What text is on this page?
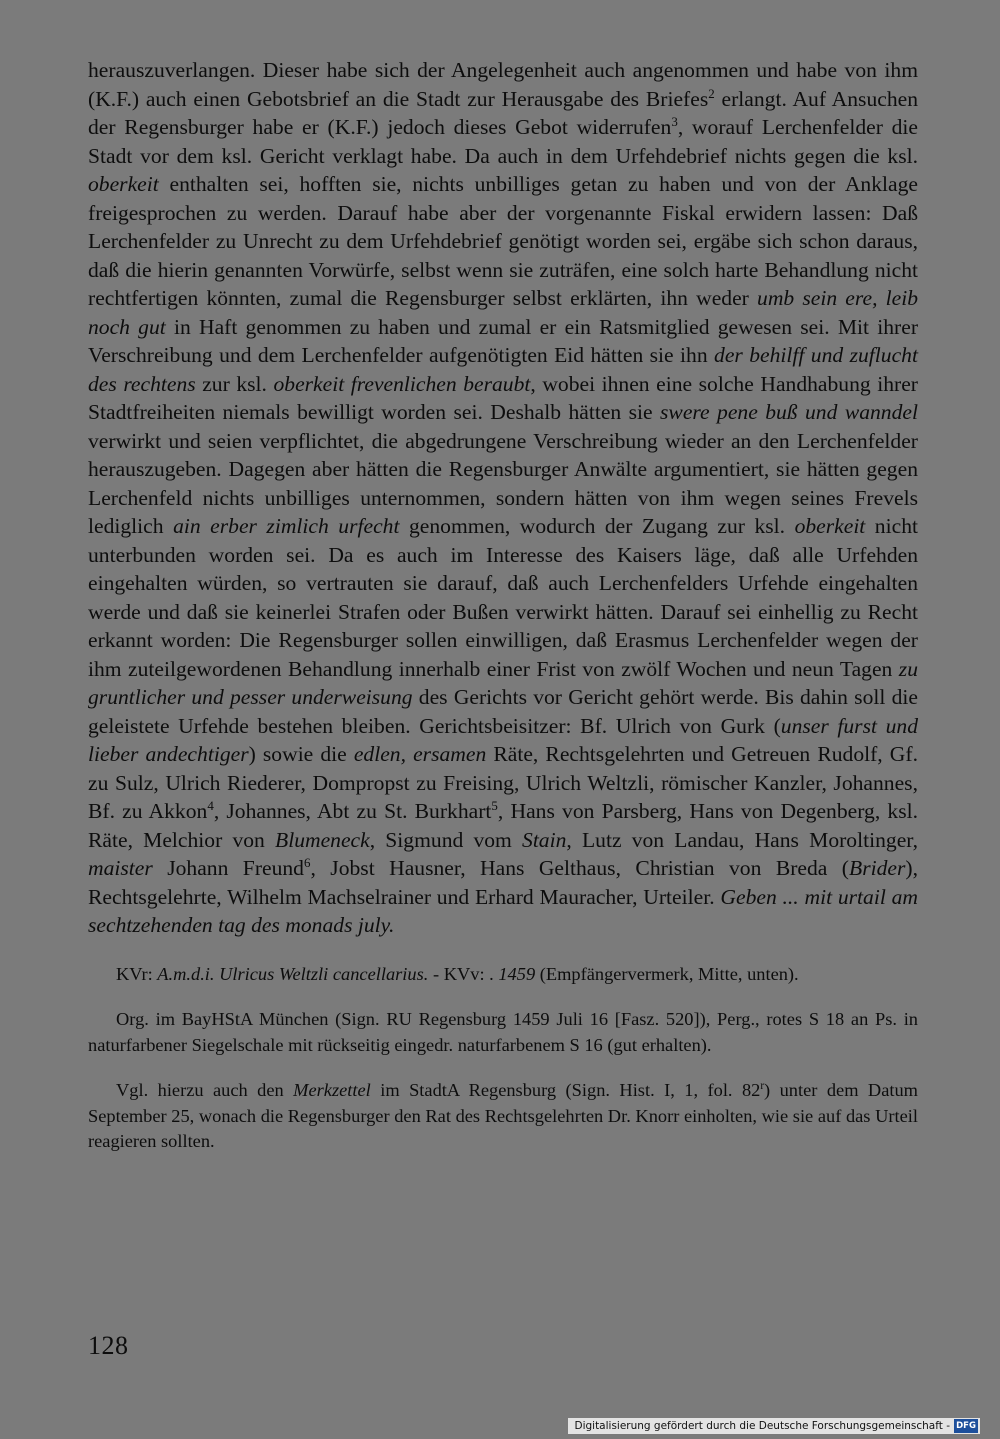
herauszuverlangen. Dieser habe sich der Angelegenheit auch angenommen und habe von ihm (K.F.) auch einen Gebotsbrief an die Stadt zur Herausgabe des Briefes$^2$ erlangt. Auf Ansuchen der Regensburger habe er (K.F.) jedoch dieses Gebot widerrufen$^3$, worauf Lerchenfelder die Stadt vor dem ksl. Gericht verklagt habe. Da auch in dem Urfehdebrief nichts gegen die ksl. oberkeit enthalten sei, hofften sie, nichts unbilliges getan zu haben und von der Anklage freigesprochen zu werden. Darauf habe aber der vorgenannte Fiskal erwidern lassen: Daß Lerchenfelder zu Unrecht zu dem Urfehdebrief genötigt worden sei, ergäbe sich schon daraus, daß die hierin genannten Vorwürfe, selbst wenn sie zuträfen, eine solch harte Behandlung nicht rechtfertigen könnten, zumal die Regensburger selbst erklärten, ihn weder umb sein ere, leib noch gut in Haft genommen zu haben und zumal er ein Ratsmitglied gewesen sei. Mit ihrer Verschreibung und dem Lerchenfelder aufgenötigten Eid hätten sie ihn der behilff und zuflucht des rechtens zur ksl. oberkeit frevenlichen beraubt, wobei ihnen eine solche Handhabung ihrer Stadtfreiheiten niemals bewilligt worden sei. Deshalb hätten sie swere pene buß und wanndel verwirkt und seien verpflichtet, die abgedrungene Verschreibung wieder an den Lerchenfelder herauszugeben. Dagegen aber hätten die Regensburger Anwälte argumentiert, sie hätten gegen Lerchenfeld nichts unbilliges unternommen, sondern hätten von ihm wegen seines Frevels lediglich ain erber zimlich urfecht genommen, wodurch der Zugang zur ksl. oberkeit nicht unterbunden worden sei. Da es auch im Interesse des Kaisers läge, daß alle Urfehden eingehalten würden, so vertrauten sie darauf, daß auch Lerchenfelders Urfehde eingehalten werde und daß sie keinerlei Strafen oder Bußen verwirkt hätten. Darauf sei einhellig zu Recht erkannt worden: Die Regensburger sollen einwilligen, daß Erasmus Lerchenfelder wegen der ihm zuteilgewordenen Behandlung innerhalb einer Frist von zwölf Wochen und neun Tagen zu gruntlicher und pesser underweisung des Gerichts vor Gericht gehört werde. Bis dahin soll die geleistete Urfehde bestehen bleiben. Gerichtsbeisitzer: Bf. Ulrich von Gurk (unser furst und lieber andechtiger) sowie die edlen, ersamen Räte, Rechtsgelehrten und Getreuen Rudolf, Gf. zu Sulz, Ulrich Riederer, Dompropst zu Freising, Ulrich Weltzli, römischer Kanzler, Johannes, Bf. zu Akkon$^4$, Johannes, Abt zu St. Burkhart$^5$, Hans von Parsberg, Hans von Degenberg, ksl. Räte, Melchior von Blumeneck, Sigmund vom Stain, Lutz von Landau, Hans Moroltinger, maister Johann Freund$^6$, Jobst Hausner, Hans Gelthaus, Christian von Breda (Brider), Rechtsgelehrte, Wilhelm Machselrainer und Erhard Mauracher, Urteiler. Geben ... mit urtail am sechtzehenden tag des monads july.

KVr: A.m.d.i. Ulricus Weltzli cancellarius. - KVv: . 1459 (Empfängervermerk, Mitte, unten).

Org. im BayHStA München (Sign. RU Regensburg 1459 Juli 16 [Fasz. 520]), Perg., rotes S 18 an Ps. in naturfarbener Siegelschale mit rückseitig eingedr. naturfarbenem S 16 (gut erhalten).

Vgl. hierzu auch den Merkzettel im StadtA Regensburg (Sign. Hist. I, 1, fol. 82$^r$) unter dem Datum September 25, wonach die Regensburger den Rat des Rechtsgelehrten Dr. Knorr einholten, wie sie auf das Urteil reagieren sollten.

128
Digitalisierung gefördert durch die Deutsche Forschungsgemeinschaft - DFG
